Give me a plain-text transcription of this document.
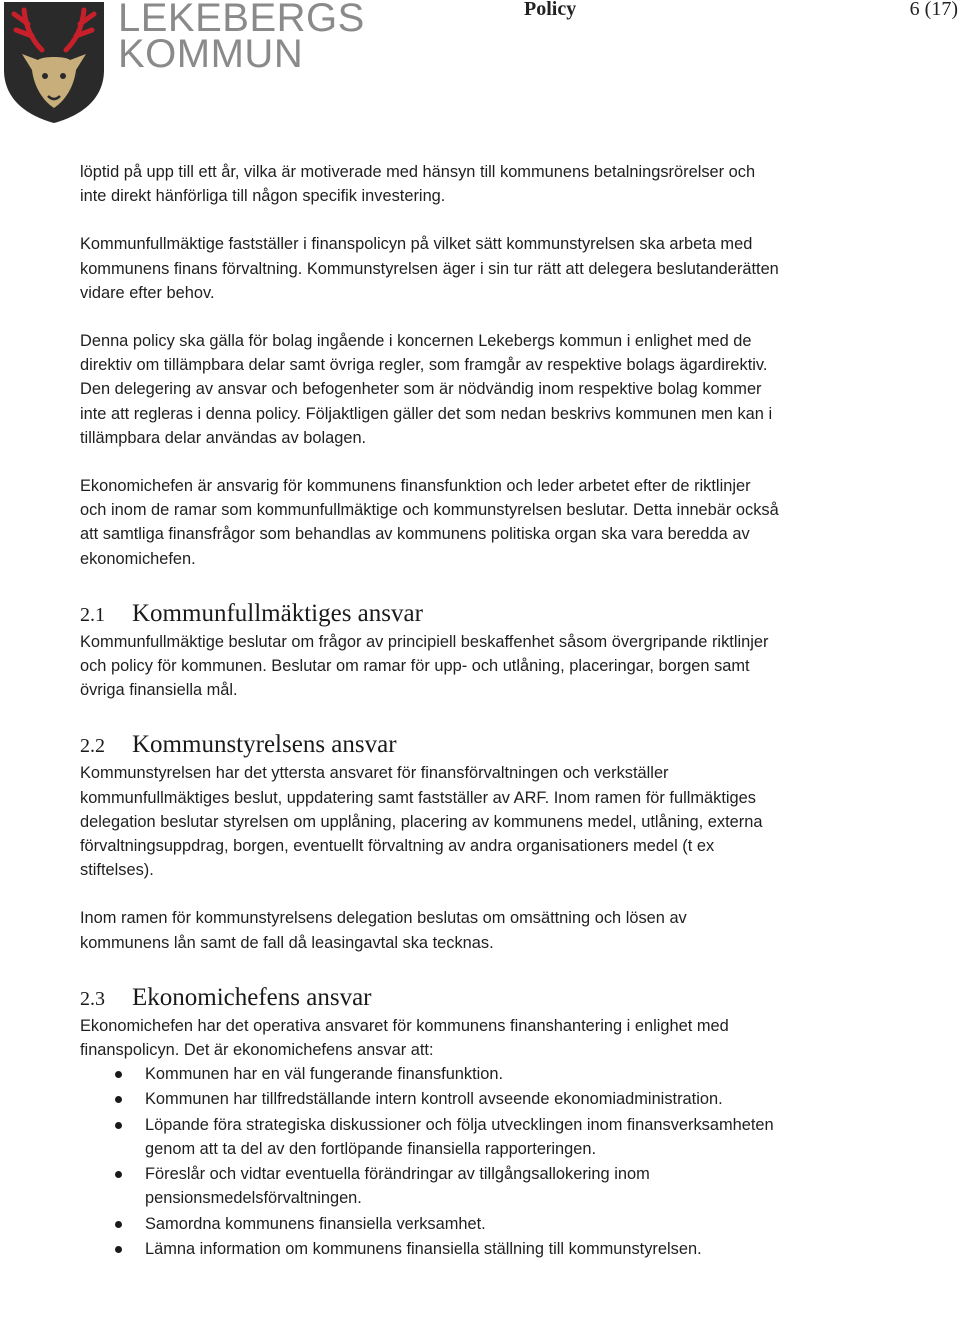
LEKEBERGS
KOMMUN
Policy	6 (17)

löptid på upp till ett år, vilka är motiverade med hänsyn till kommunens betalningsrörelser och inte direkt hänförliga till någon specifik investering.

Kommunfullmäktige fastställer i finanspolicyn på vilket sätt kommunstyrelsen ska arbeta med kommunens finans förvaltning. Kommunstyrelsen äger i sin tur rätt att delegera beslutanderätten vidare efter behov.

Denna policy ska gälla för bolag ingående i koncernen Lekebergs kommun i enlighet med de direktiv om tillämpbara delar samt övriga regler, som framgår av respektive bolags ägardirektiv. Den delegering av ansvar och befogenheter som är nödvändig inom respektive bolag kommer inte att regleras i denna policy. Följaktligen gäller det som nedan beskrivs kommunen men kan i tillämpbara delar användas av bolagen.

Ekonomichefen är ansvarig för kommunens finansfunktion och leder arbetet efter de riktlinjer och inom de ramar som kommunfullmäktige och kommunstyrelsen beslutar. Detta innebär också att samtliga finansfrågor som behandlas av kommunens politiska organ ska vara beredda av ekonomichefen.

2.1 Kommunfullmäktiges ansvar

Kommunfullmäktige beslutar om frågor av principiell beskaffenhet såsom övergripande riktlinjer och policy för kommunen. Beslutar om ramar för upp- och utlåning, placeringar, borgen samt övriga finansiella mål.

2.2 Kommunstyrelsens ansvar

Kommunstyrelsen har det yttersta ansvaret för finansförvaltningen och verkställer kommunfullmäktiges beslut, uppdatering samt fastställer av ARF. Inom ramen för fullmäktiges delegation beslutar styrelsen om upplåning, placering av kommunens medel, utlåning, externa förvaltningsuppdrag, borgen, eventuellt förvaltning av andra organisationers medel (t ex stiftelses).

Inom ramen för kommunstyrelsens delegation beslutas om omsättning och lösen av kommunens lån samt de fall då leasingavtal ska tecknas.

2.3 Ekonomichefens ansvar

Ekonomichefen har det operativa ansvaret för kommunens finanshantering i enlighet med finanspolicyn. Det är ekonomichefens ansvar att:

Kommunen har en väl fungerande finansfunktion.
Kommunen har tillfredställande intern kontroll avseende ekonomiadministration.
Löpande föra strategiska diskussioner och följa utvecklingen inom finansverksamheten genom att ta del av den fortlöpande finansiella rapporteringen.
Föreslår och vidtar eventuella förändringar av tillgångsallokering inom pensionsmedelsförvaltningen.
Samordna kommunens finansiella verksamhet.
Lämna information om kommunens finansiella ställning till kommunstyrelsen.
